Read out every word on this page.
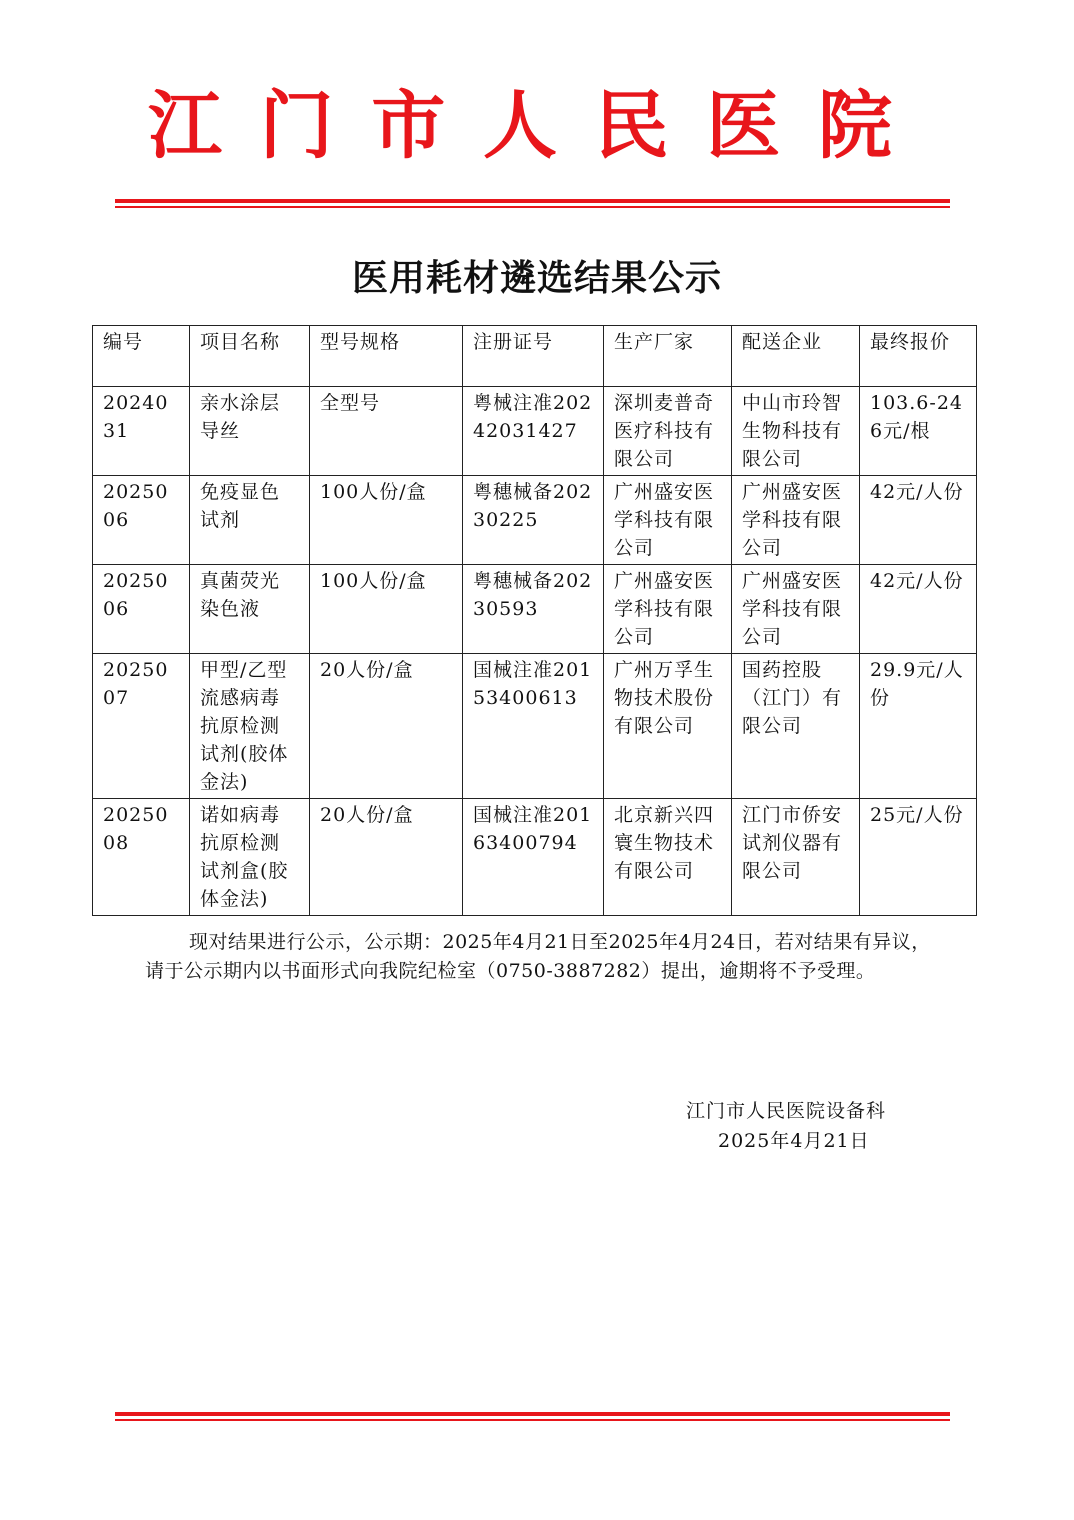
江 门 市 人 民 医 院
医用耗材遴选结果公示
编号	项目名称	型号规格	注册证号	生产厂家	配送企业	最终报价
2024031	亲水涂层导丝	全型号	粤械注准20242031427	深圳麦普奇医疗科技有限公司	中山市玲智生物科技有限公司	103.6-246元/根
2025006	免疫显色试剂	100人份/盒	粤穗械备20230225	广州盛安医学科技有限公司	广州盛安医学科技有限公司	42元/人份
2025006	真菌荧光染色液	100人份/盒	粤穗械备20230593	广州盛安医学科技有限公司	广州盛安医学科技有限公司	42元/人份
2025007	甲型/乙型流感病毒抗原检测试剂(胶体金法)	20人份/盒	国械注准20153400613	广州万孚生物技术股份有限公司	国药控股（江门）有限公司	29.9元/人份
2025008	诺如病毒抗原检测试剂盒(胶体金法)	20人份/盒	国械注准20163400794	北京新兴四寰生物技术有限公司	江门市侨安试剂仪器有限公司	25元/人份

现对结果进行公示，公示期：2025年4月21日至2025年4月24日，若对结果有异议，请于公示期内以书面形式向我院纪检室（0750-3887282）提出，逾期将不予受理。

江门市人民医院设备科
2025年4月21日
